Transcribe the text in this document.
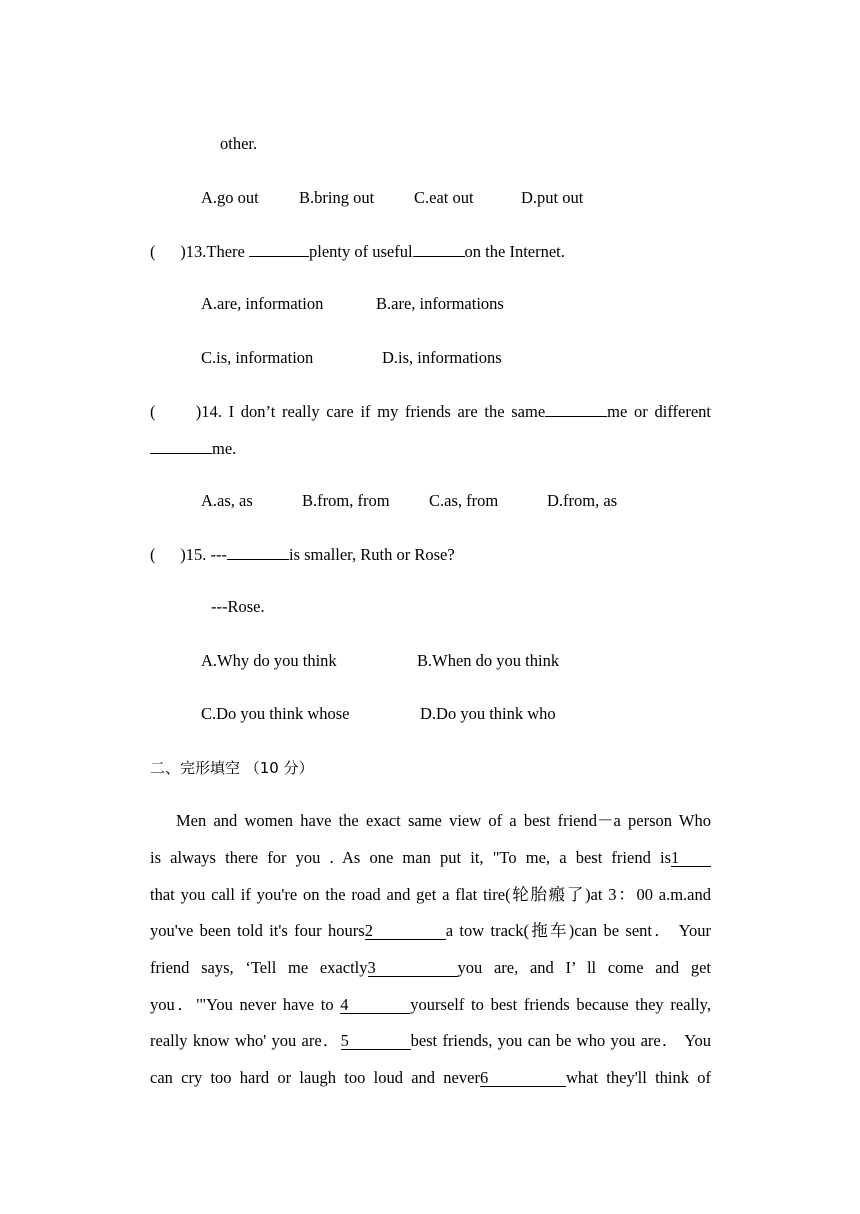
other.
A.go out B.bring out C.eat out	D.put out
(      )13.There	plenty of useful	on the Internet.
A.are, information	B.are, informations
C.is, information	D.is, informations
(      )14. I don’t really care if my friends are the same	me or different
me.
A.as, as	B.from, from C.as, from	D.from, as
(      )15. ---	is smaller, Ruth or Rose?
---Rose.
A.Why do you think	B.When do you think
C.Do you think whose	D.Do you think who
二、完形填空 （10 分）
Men and women have the exact same view of a best friend－a person Who
is always there for you . As one man put it, "To me, a best friend is1
that you call if you're on the road and get a flat tire(轮胎瘢了)at 3：00 a.m.and
you've been told it's four hours2	a tow track(拖车)can be sent． Your
friend says, ‘Tell me exactly3	you are, and I’ ll come and get
you．'"You never have to 4	yourself to best friends because they really,
really know who' you are．5	best friends, you can be who you are． You
can cry too hard or laugh too loud and never6	what they'll think of
